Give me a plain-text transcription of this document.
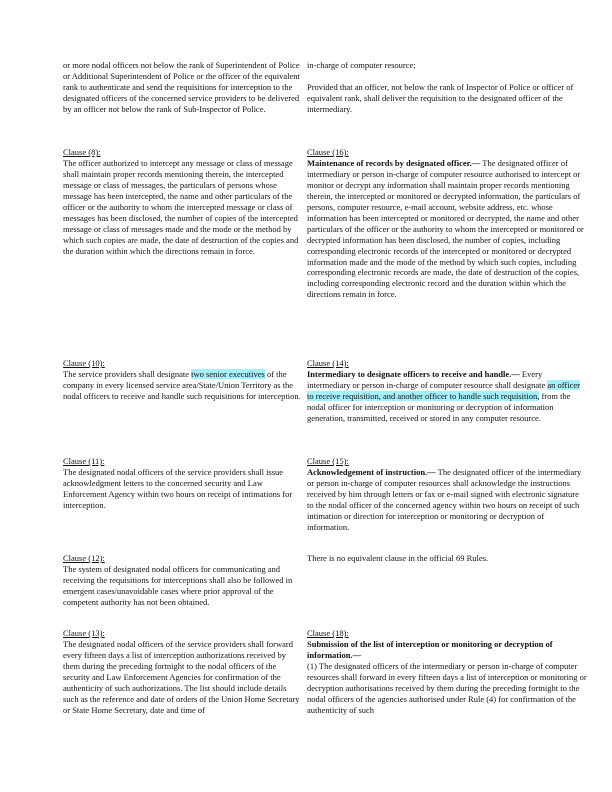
or more nodal officers not below the rank of Superintendent of Police or Additional Superintendent of Police or the officer of the equivalent rank to authenticate and send the requisitions for interception to the designated officers of the concerned service providers to be delivered by an officer not below the rank of Sub-Inspector of Police.

in-charge of computer resource;

Provided that an officer, not below the rank of Inspector of Police or officer of equivalent rank, shall deliver the requisition to the designated officer of the intermediary.

Clause (8):

The officer authorized to intercept any message or class of message shall maintain proper records mentioning therein, the intercepted message or class of messages, the particulars of persons whose message has been intercepted, the name and other particulars of the officer or the authority to whom the intercepted message or class of messages has been disclosed, the number of copies of the intercepted message or class of messages made and the mode or the method by which such copies are made, the date of destruction of the copies and the duration within which the directions remain in force.

Clause (16):

Maintenance of records by designated officer.— The designated officer of intermediary or person in-charge of computer resource authorised to intercept or monitor or decrypt any information shall maintain proper records mentioning therein, the intercepted or monitored or decrypted information, the particulars of persons, computer resource, e-mail account, website address, etc. whose information has been intercepted or monitored or decrypted, the name and other particulars of the officer or the authority to whom the intercepted or monitored or decrypted information has been disclosed, the number of copies, including corresponding electronic records of the intercepted or monitored or decrypted information made and the mode of the method by which such copies, including corresponding electronic records are made, the date of destruction of the copies, including corresponding electronic record and the duration within which the directions remain in force.

Clause (10):

The service providers shall designate two senior executives of the company in every licensed service area/State/Union Territory as the nodal officers to receive and handle such requisitions for interception.

Clause (14):

Intermediary to designate officers to receive and handle.— Every intermediary or person in-charge of computer resource shall designate an officer to receive requisition, and another officer to handle such requisition, from the nodal officer for interception or monitoring or decryption of information generation, transmitted, received or stored in any computer resource.

Clause (11):

The designated nodal officers of the service providers shall issue acknowledgment letters to the concerned security and Law Enforcement Agency within two hours on receipt of intimations for interception.

Clause (15):

Acknowledgement of instruction.— The designated officer of the intermediary or person in-charge of computer resources shall acknowledge the instructions received by him through letters or fax or e-mail signed with electronic signature to the nodal officer of the concerned agency within two hours on receipt of such intimation or direction for interception or monitoring or decryption of information.

Clause (12):

The system of designated nodal officers for communicating and receiving the requisitions for interceptions shall also be followed in emergent cases/unavoidable cases where prior approval of the competent authority has not been obtained.

There is no equivalent clause in the official 69 Rules.

Clause (13):

The designated nodal officers of the service providers shall forward every fifteen days a list of interception authorizations received by them during the preceding fortnight to the nodal officers of the security and Law Enforcement Agencies for confirmation of the authenticity of such authorizations. The list should include details such as the reference and date of orders of the Union Home Secretary or State Home Secretary, date and time of

Clause (18):

Submission of the list of interception or monitoring or decryption of information.—

(1) The designated officers of the intermediary or person in-charge of computer resources shall forward in every fifteen days a list of interception or monitoring or decryption authorisations received by them during the preceding fortnight to the nodal officers of the agencies authorised under Rule (4) for confirmation of the authenticity of such
